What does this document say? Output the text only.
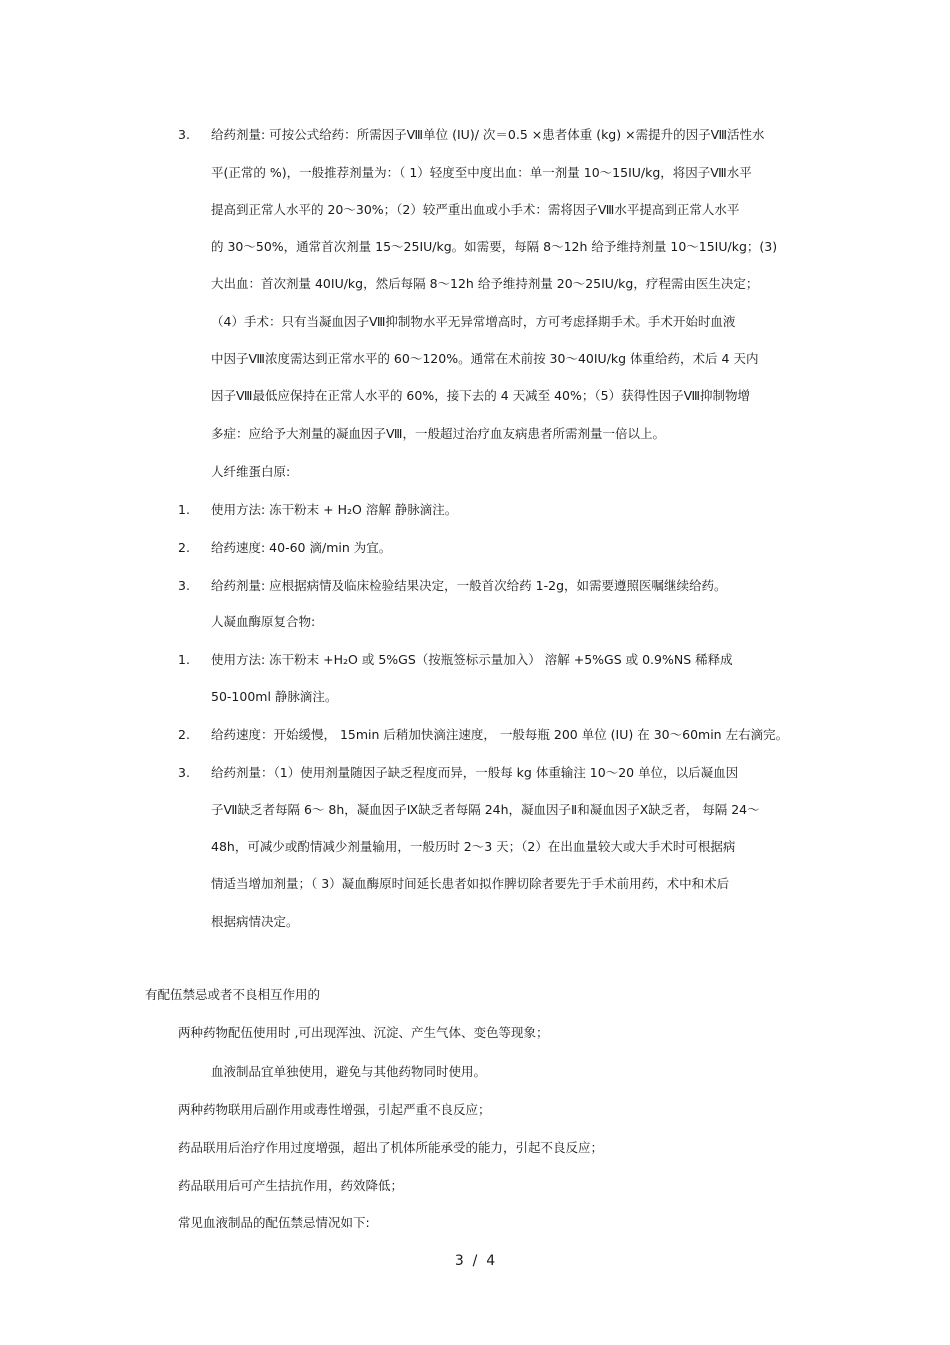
3. 给药剂量: 可按公式给药：所需因子Ⅷ单位 (IU)/ 次＝0.5 ×患者体重 (kg) ×需提升的因子Ⅷ活性水
平(正常的 %)，一般推荐剂量为：（ 1）轻度至中度出血：单一剂量 10～15IU/kg，将因子Ⅷ水平
提高到正常人水平的 20～30%；（2）较严重出血或小手术：需将因子Ⅷ水平提高到正常人水平
的 30～50%，通常首次剂量 15～25IU/kg。如需要，每隔 8～12h 给予维持剂量 10～15IU/kg；(3)
大出血：首次剂量 40IU/kg，然后每隔 8～12h 给予维持剂量 20～25IU/kg，疗程需由医生决定；
（4）手术：只有当凝血因子Ⅷ抑制物水平无异常增高时，方可考虑择期手术。手术开始时血液
中因子Ⅷ浓度需达到正常水平的 60～120%。通常在术前按 30～40IU/kg 体重给药，术后 4 天内
因子Ⅷ最低应保持在正常人水平的 60%，接下去的 4 天减至 40%；（5）获得性因子Ⅷ抑制物增
多症：应给予大剂量的凝血因子Ⅷ，一般超过治疗血友病患者所需剂量一倍以上。
人纤维蛋白原:
1. 使用方法: 冻干粉末 + H₂O 溶解 静脉滴注。
2. 给药速度: 40-60 滴/min 为宜。
3. 给药剂量: 应根据病情及临床检验结果决定，一般首次给药 1-2g，如需要遵照医嘱继续给药。
人凝血酶原复合物:
1. 使用方法: 冻干粉末 +H₂O 或 5%GS（按瓶签标示量加入） 溶解 +5%GS 或 0.9%NS 稀释成
50-100ml 静脉滴注。
2. 给药速度：开始缓慢， 15min 后稍加快滴注速度， 一般每瓶 200 单位 (IU) 在 30～60min 左右滴完。
3. 给药剂量：（1）使用剂量随因子缺乏程度而异，一般每 kg 体重输注 10～20 单位，以后凝血因
子Ⅶ缺乏者每隔 6～ 8h，凝血因子Ⅸ缺乏者每隔 24h，凝血因子Ⅱ和凝血因子Ⅹ缺乏者， 每隔 24～
48h，可减少或酌情减少剂量输用，一般历时 2～3 天；（2）在出血量较大或大手术时可根据病
情适当增加剂量；（ 3）凝血酶原时间延长患者如拟作脾切除者要先于手术前用药，术中和术后
根据病情决定。
有配伍禁忌或者不良相互作用的
两种药物配伍使用时 ,可出现浑浊、沉淀、产生气体、变色等现象；
血液制品宜单独使用，避免与其他药物同时使用。
两种药物联用后副作用或毒性增强，引起严重不良反应；
药品联用后治疗作用过度增强，超出了机体所能承受的能力，引起不良反应；
药品联用后可产生拮抗作用，药效降低；
常见血液制品的配伍禁忌情况如下:
3  /  4
